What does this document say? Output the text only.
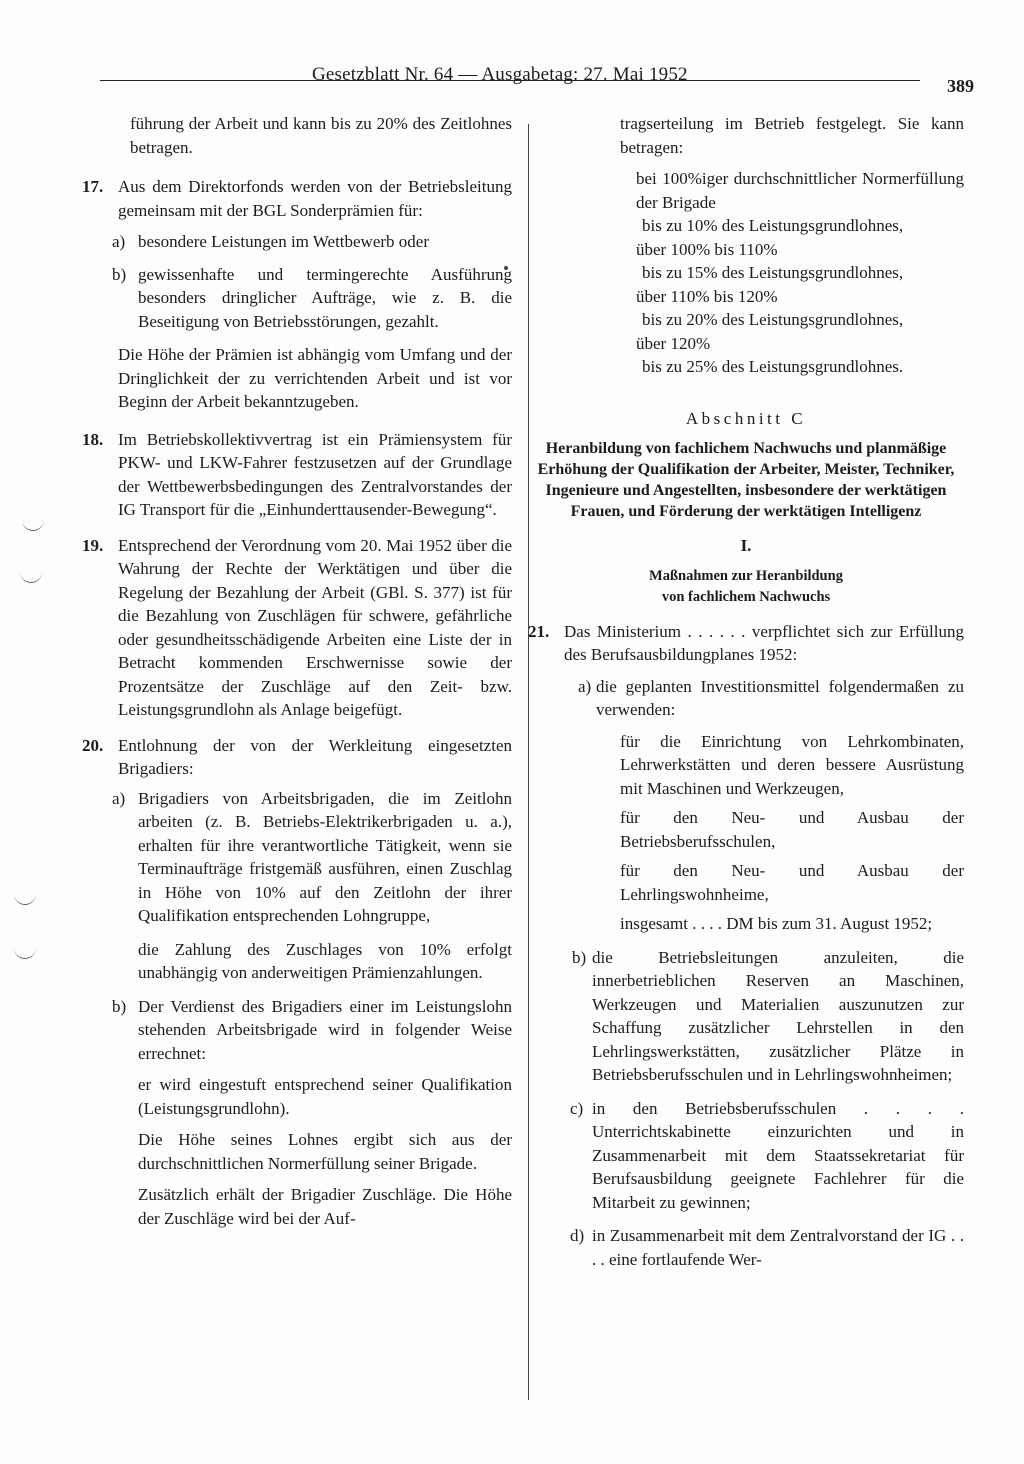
Gesetzblatt Nr. 64 — Ausgabetag: 27. Mai 1952
389

führung der Arbeit und kann bis zu 20% des Zeitlohnes betragen.

17. Aus dem Direktorfonds werden von der Betriebsleitung gemeinsam mit der BGL Sonderprämien für:

a) besondere Leistungen im Wettbewerb oder

b) gewissenhafte und termingerechte Ausführung besonders dringlicher Aufträge, wie z. B. die Beseitigung von Betriebsstörungen, gezahlt.

Die Höhe der Prämien ist abhängig vom Umfang und der Dringlichkeit der zu verrichtenden Arbeit und ist vor Beginn der Arbeit bekanntzugeben.

18. Im Betriebskollektivvertrag ist ein Prämiensystem für PKW- und LKW-Fahrer festzusetzen auf der Grundlage der Wettbewerbsbedingungen des Zentralvorstandes der IG Transport für die „Einhunderttausender-Bewegung“.

19. Entsprechend der Verordnung vom 20. Mai 1952 über die Wahrung der Rechte der Werktätigen und über die Regelung der Bezahlung der Arbeit (GBl. S. 377) ist für die Bezahlung von Zuschlägen für schwere, gefährliche oder gesundheitsschädigende Arbeiten eine Liste der in Betracht kommenden Erschwernisse sowie der Prozentsätze der Zuschläge auf den Zeit- bzw. Leistungsgrundlohn als Anlage beigefügt.

20. Entlohnung der von der Werkleitung eingesetzten Brigadiers:

a) Brigadiers von Arbeitsbrigaden, die im Zeitlohn arbeiten (z. B. Betriebs-Elektrikerbrigaden u. a.), erhalten für ihre verantwortliche Tätigkeit, wenn sie Terminaufträge fristgemäß ausführen, einen Zuschlag in Höhe von 10% auf den Zeitlohn der ihrer Qualifikation entsprechenden Lohngruppe,

die Zahlung des Zuschlages von 10% erfolgt unabhängig von anderweitigen Prämienzahlungen.

b) Der Verdienst des Brigadiers einer im Leistungslohn stehenden Arbeitsbrigade wird in folgender Weise errechnet:

er wird eingestuft entsprechend seiner Qualifikation (Leistungsgrundlohn).

Die Höhe seines Lohnes ergibt sich aus der durchschnittlichen Normerfüllung seiner Brigade.

Zusätzlich erhält der Brigadier Zuschläge. Die Höhe der Zuschläge wird bei der Auf-

tragserteilung im Betrieb festgelegt. Sie kann betragen:

bei 100%iger durchschnittlicher Normerfüllung der Brigade

bis zu 10% des Leistungsgrundlohnes,

über 100% bis 110%

bis zu 15% des Leistungsgrundlohnes,

über 110% bis 120%

bis zu 20% des Leistungsgrundlohnes,

über 120%

bis zu 25% des Leistungsgrundlohnes.

Abschnitt C

Heranbildung von fachlichem Nachwuchs und planmäßige Erhöhung der Qualifikation der Arbeiter, Meister, Techniker, Ingenieure und Angestellten, insbesondere der werktätigen Frauen, und Förderung der werktätigen Intelligenz

I.

Maßnahmen zur Heranbildung

von fachlichem Nachwuchs

21. Das Ministerium . . . . . . verpflichtet sich zur Erfüllung des Berufsausbildungplanes 1952:

a) die geplanten Investitionsmittel folgendermaßen zu verwenden:

für die Einrichtung von Lehrkombinaten, Lehrwerkstätten und deren bessere Ausrüstung mit Maschinen und Werkzeugen,

für den Neu- und Ausbau der Betriebsberufsschulen,

für den Neu- und Ausbau der Lehrlingswohnheime,

insgesamt . . . . DM bis zum 31. August 1952;

b) die Betriebsleitungen anzuleiten, die innerbetrieblichen Reserven an Maschinen, Werkzeugen und Materialien auszunutzen zur Schaffung zusätzlicher Lehrstellen in den Lehrlingswerkstätten, zusätzlicher Plätze in Betriebsberufsschulen und in Lehrlingswohnheimen;

c) in den Betriebsberufsschulen . . . . Unterrichtskabinette einzurichten und in Zusammenarbeit mit dem Staatssekretariat für Berufsausbildung geeignete Fachlehrer für die Mitarbeit zu gewinnen;

d) in Zusammenarbeit mit dem Zentralvorstand der IG . . . . eine fortlaufende Wer-
